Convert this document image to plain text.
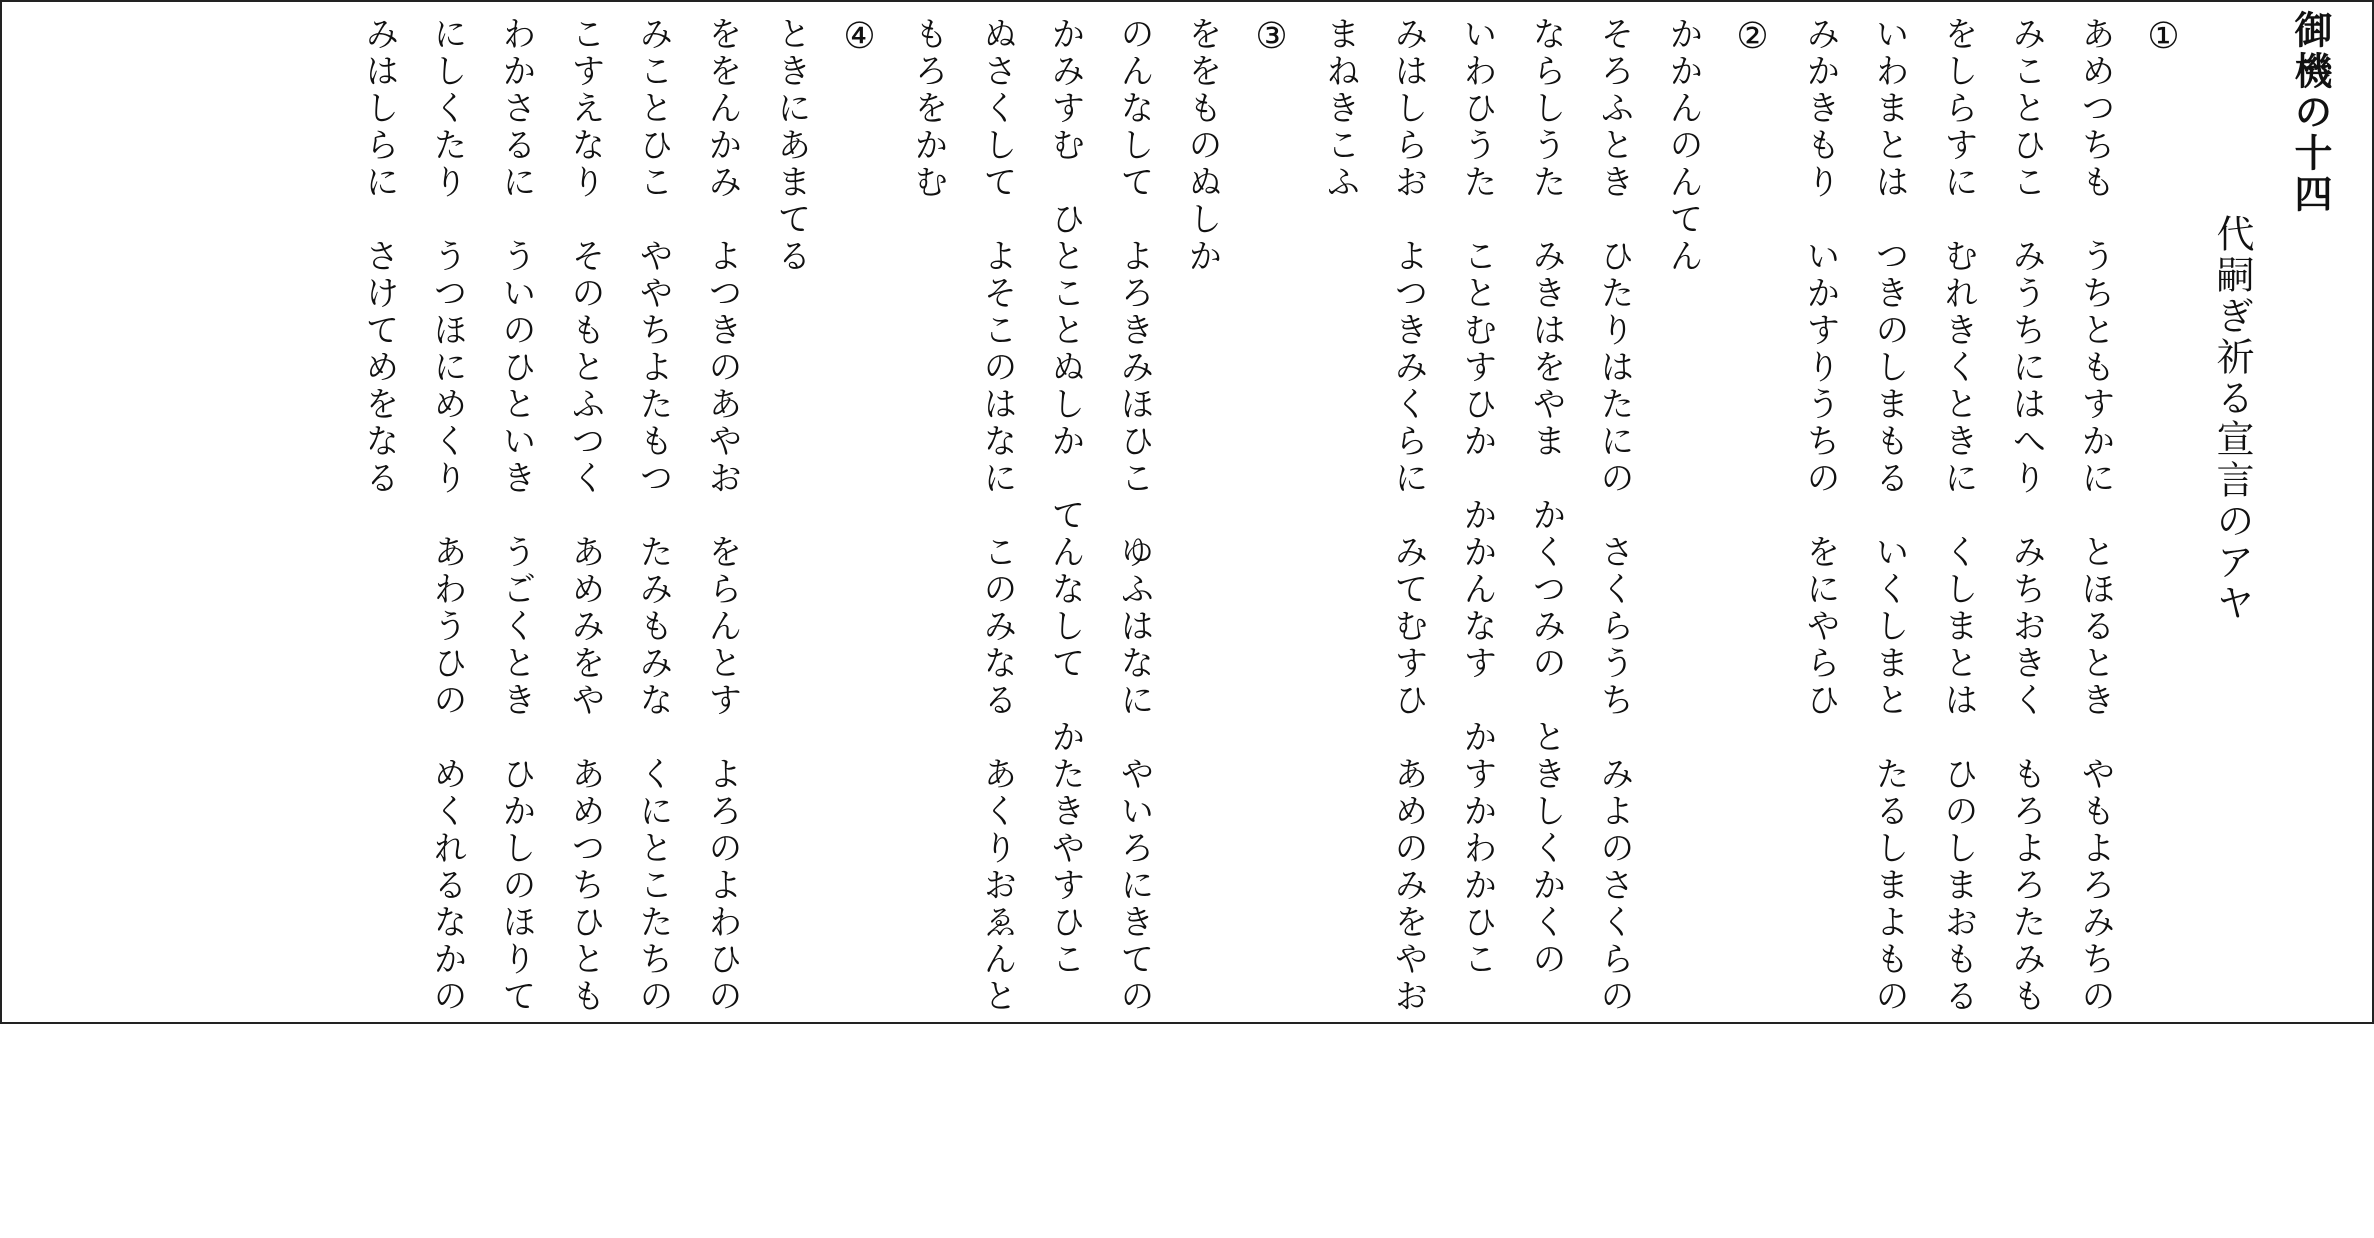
御機の十四
代嗣ぎ祈る宣言のアヤ
①
あめつちも　うちともすかに　とほるとき　やもよろみちの
みことひこ　みうちにはへり　みちおきく　もろよろたみも
をしらすに　むれきくときに　くしまとは　ひのしまおもる
いわまとは　つきのしまもる　いくしまと　たるしまよもの
みかきもり　いかすりうちの　をにやらひ
②
かかんのんてん
そろふとき　ひたりはたにの　さくらうち　みよのさくらの
ならしうた　みきはをやま　かくつみの　ときしくかくの
いわひうた　ことむすひか　かかんなす　かすかわかひこ
みはしらお　よつきみくらに　みてむすひ　あめのみをやお
まねきこふ
③
ををものぬしか
のんなして　よろきみほひこ　ゆふはなに　やいろにきての
かみすむ　ひとことぬしか　てんなして　かたきやすひこ
ぬさくして　よそこのはなに　このみなる　あくりおゑんと
もろをかむ
④
ときにあまてる
ををんかみ　よつきのあやお　をらんとす　よろのよわひの
みことひこ　ややちよたもつ　たみもみな　くにとこたちの
こすえなり　そのもとふつく　あめみをや　あめつちひとも
わかさるに　ういのひといき　うごくとき　ひかしのほりて
にしくたり　うつほにめくり　あわうひの　めくれるなかの
みはしらに　さけてめをなる
